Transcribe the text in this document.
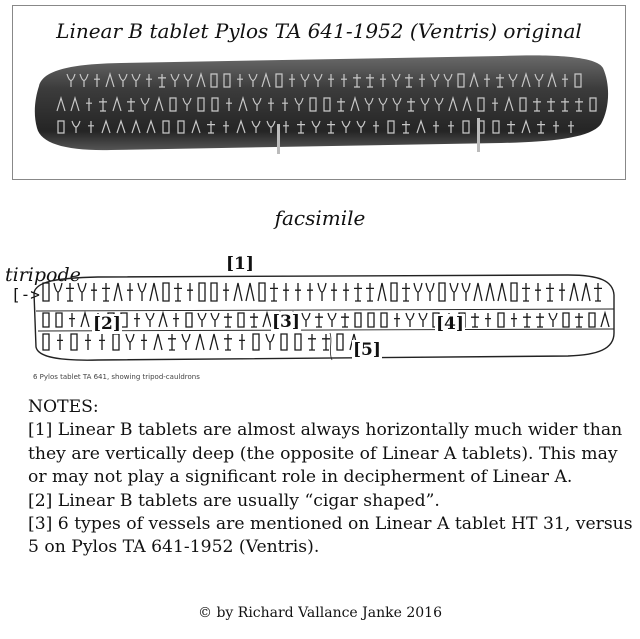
Linear B tablet Pylos TA 641-1952 (Ventris) original
facsimile
tiripode
[->
[1]
[2]	[3]	[4]
[5]
6 Pylos tablet TA 641, showing tripod-cauldrons

NOTES:

[1] Linear B tablets are almost always horizontally much wider than they are vertically deep (the opposite of Linear A tablets). This may or may not play a significant role in decipherment of Linear A.

[2] Linear B tablets are usually “cigar shaped”.

[3] 6 types of vessels are mentioned on Linear A tablet HT 31, versus 5 on Pylos TA 641-1952 (Ventris).

© by Richard Vallance Janke 2016
